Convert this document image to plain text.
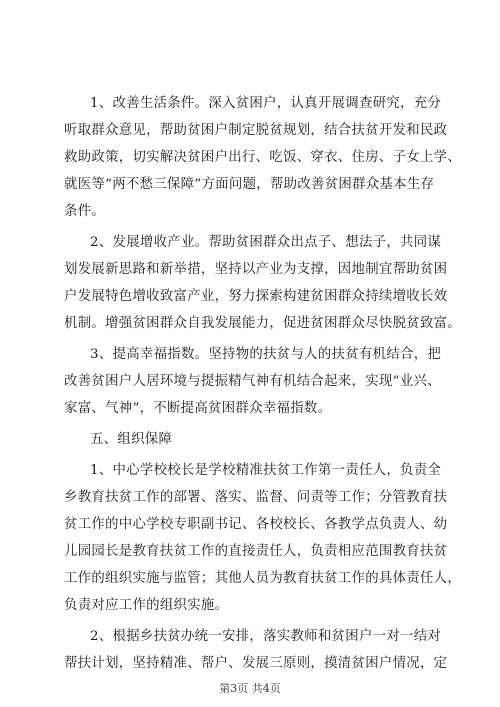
1、改善生活条件。深入贫困户，认真开展调查研究，充分
听取群众意见，帮助贫困户制定脱贫规划，结合扶贫开发和民政
救助政策，切实解决贫困户出行、吃饭、穿衣、住房、子女上学、
就医等“两不愁三保障”方面问题，帮助改善贫困群众基本生存
条件。
2、发展增收产业。帮助贫困群众出点子、想法子，共同谋
划发展新思路和新举措，坚持以产业为支撑，因地制宜帮助贫困
户发展特色增收致富产业，努力探索构建贫困群众持续增收长效
机制。增强贫困群众自我发展能力，促进贫困群众尽快脱贫致富。
3、提高幸福指数。坚持物的扶贫与人的扶贫有机结合，把
改善贫困户人居环境与提振精气神有机结合起来，实现“业兴、
家富、气神”，不断提高贫困群众幸福指数。
五、组织保障
1、中心学校校长是学校精准扶贫工作第一责任人，负责全
乡教育扶贫工作的部署、落实、监督、问责等工作；分管教育扶
贫工作的中心学校专职副书记、各校校长、各教学点负责人、幼
儿园园长是教育扶贫工作的直接责任人，负责相应范围教育扶贫
工作的组织实施与监管；其他人员为教育扶贫工作的具体责任人，
负责对应工作的组织实施。
2、根据乡扶贫办统一安排，落实教师和贫困户一对一结对
帮扶计划，坚持精准、帮户、发展三原则，摸清贫困户情况，定
第3页 共4页
